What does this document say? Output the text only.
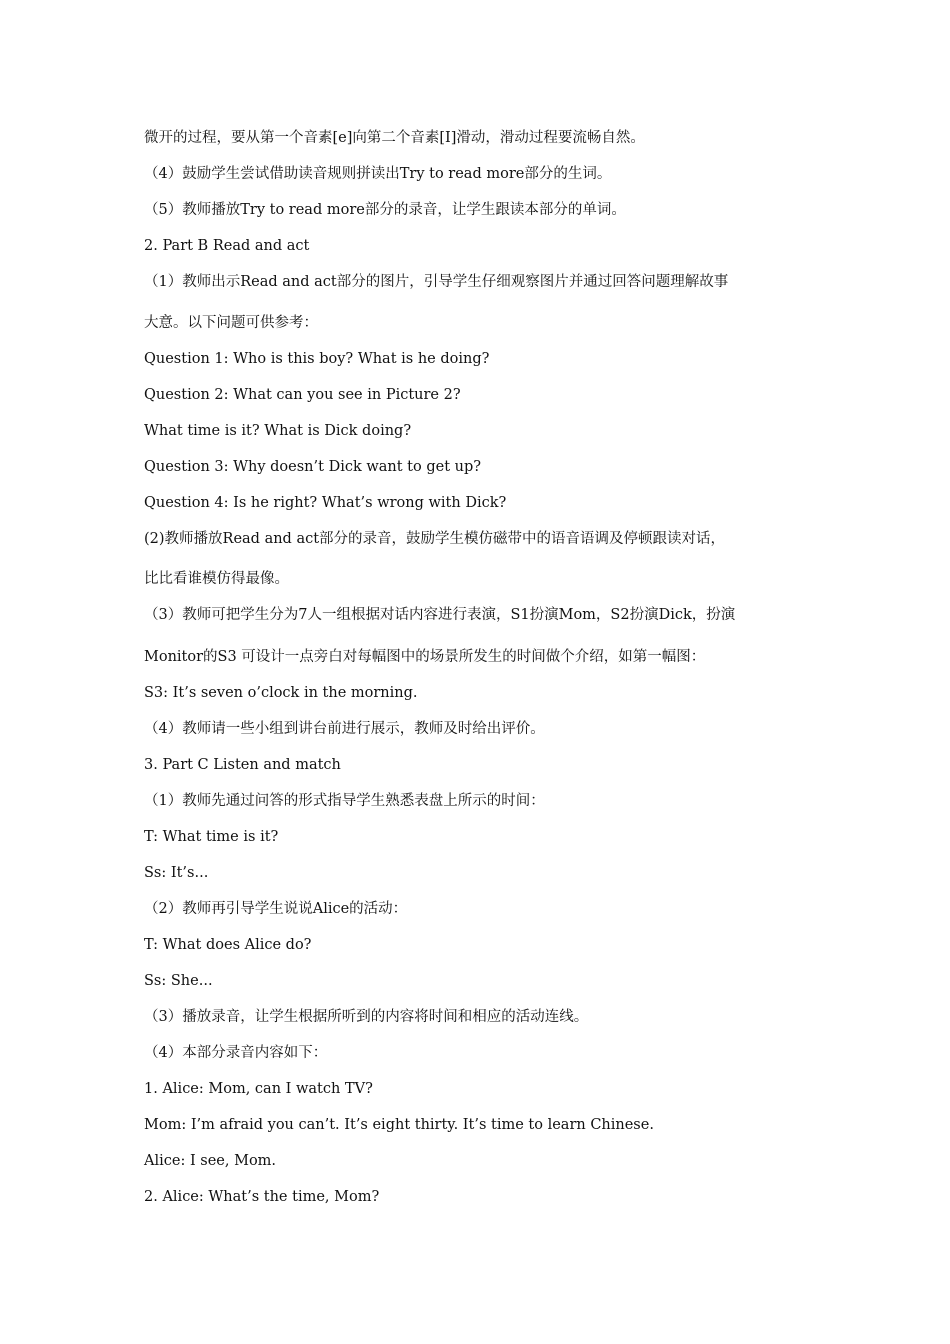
微开的过程，要从第一个音素[e]向第二个音素[I]滑动，滑动过程要流畅自然。
（4）鼓励学生尝试借助读音规则拼读出Try to read more部分的生词。
（5）教师播放Try to read more部分的录音，让学生跟读本部分的单词。
2. Part B Read and act
（1）教师出示Read and act部分的图片，引导学生仔细观察图片并通过回答问题理解故事
大意。以下问题可供参考：
Question 1: Who is this boy? What is he doing?
Question 2: What can you see in Picture 2?
What time is it? What is Dick doing?
Question 3: Why doesn’t Dick want to get up?
Question 4: Is he right? What’s wrong with Dick?
(2)教师播放Read and act部分的录音，鼓励学生模仿磁带中的语音语调及停顿跟读对话，
比比看谁模仿得最像。
（3）教师可把学生分为7人一组根据对话内容进行表演，S1扮演Mom，S2扮演Dick，扮演
Monitor的S3 可设计一点旁白对每幅图中的场景所发生的时间做个介绍，如第一幅图：
S3: It’s seven o’clock in the morning.
（4）教师请一些小组到讲台前进行展示，教师及时给出评价。
3. Part C Listen and match
（1）教师先通过问答的形式指导学生熟悉表盘上所示的时间：
T: What time is it?
Ss: It’s...
（2）教师再引导学生说说Alice的活动：
T: What does Alice do?
Ss: She...
（3）播放录音，让学生根据所听到的内容将时间和相应的活动连线。
（4）本部分录音内容如下：
1. Alice: Mom, can I watch TV?
Mom: I’m afraid you can’t. It’s eight thirty. It’s time to learn Chinese.
Alice: I see, Mom.
2. Alice: What’s the time, Mom?
